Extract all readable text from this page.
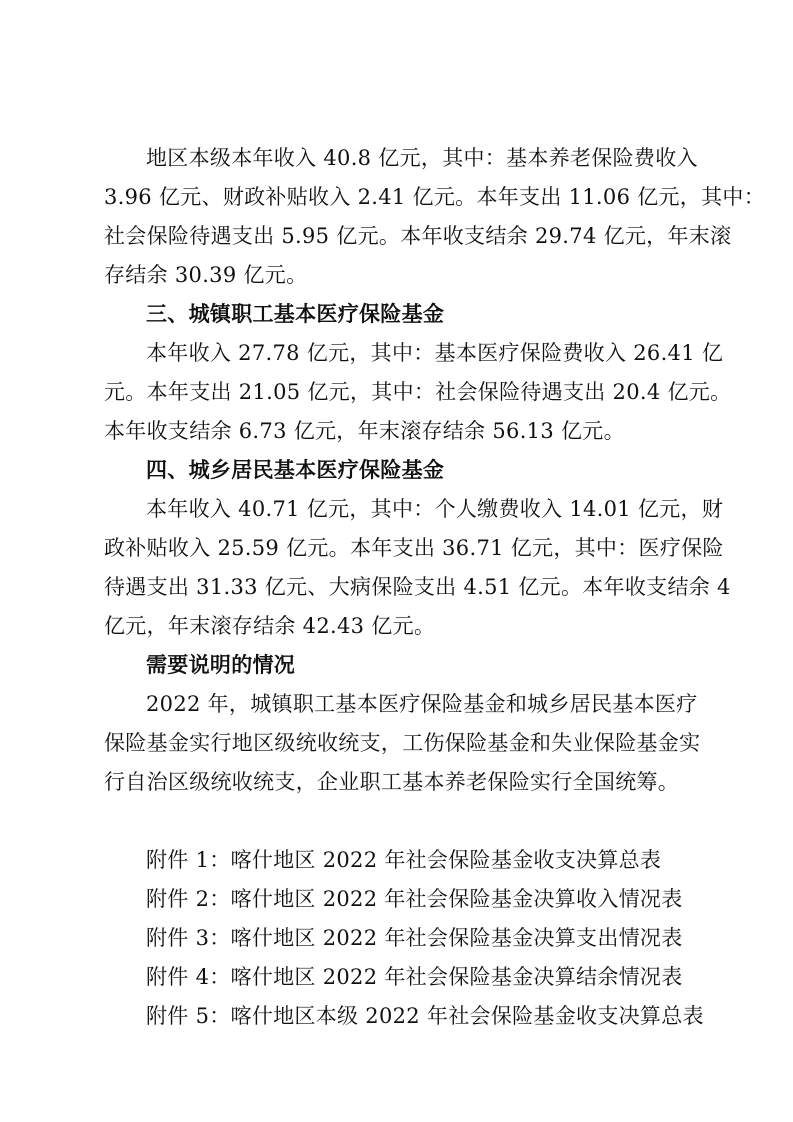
地区本级本年收入 40.8 亿元，其中：基本养老保险费收入
3.96 亿元、财政补贴收入 2.41 亿元。本年支出 11.06 亿元，其中：
社会保险待遇支出 5.95 亿元。本年收支结余 29.74 亿元，年末滚
存结余 30.39 亿元。
三、城镇职工基本医疗保险基金
本年收入 27.78 亿元，其中：基本医疗保险费收入 26.41 亿
元。本年支出 21.05 亿元，其中：社会保险待遇支出 20.4 亿元。
本年收支结余 6.73 亿元，年末滚存结余 56.13 亿元。
四、城乡居民基本医疗保险基金
本年收入 40.71 亿元，其中：个人缴费收入 14.01 亿元，财
政补贴收入 25.59 亿元。本年支出 36.71 亿元，其中：医疗保险
待遇支出 31.33 亿元、大病保险支出 4.51 亿元。本年收支结余 4
亿元，年末滚存结余 42.43 亿元。
需要说明的情况
2022 年，城镇职工基本医疗保险基金和城乡居民基本医疗
保险基金实行地区级统收统支，工伤保险基金和失业保险基金实
行自治区级统收统支，企业职工基本养老保险实行全国统筹。
附件 1：喀什地区 2022 年社会保险基金收支决算总表
附件 2：喀什地区 2022 年社会保险基金决算收入情况表
附件 3：喀什地区 2022 年社会保险基金决算支出情况表
附件 4：喀什地区 2022 年社会保险基金决算结余情况表
附件 5：喀什地区本级 2022 年社会保险基金收支决算总表
